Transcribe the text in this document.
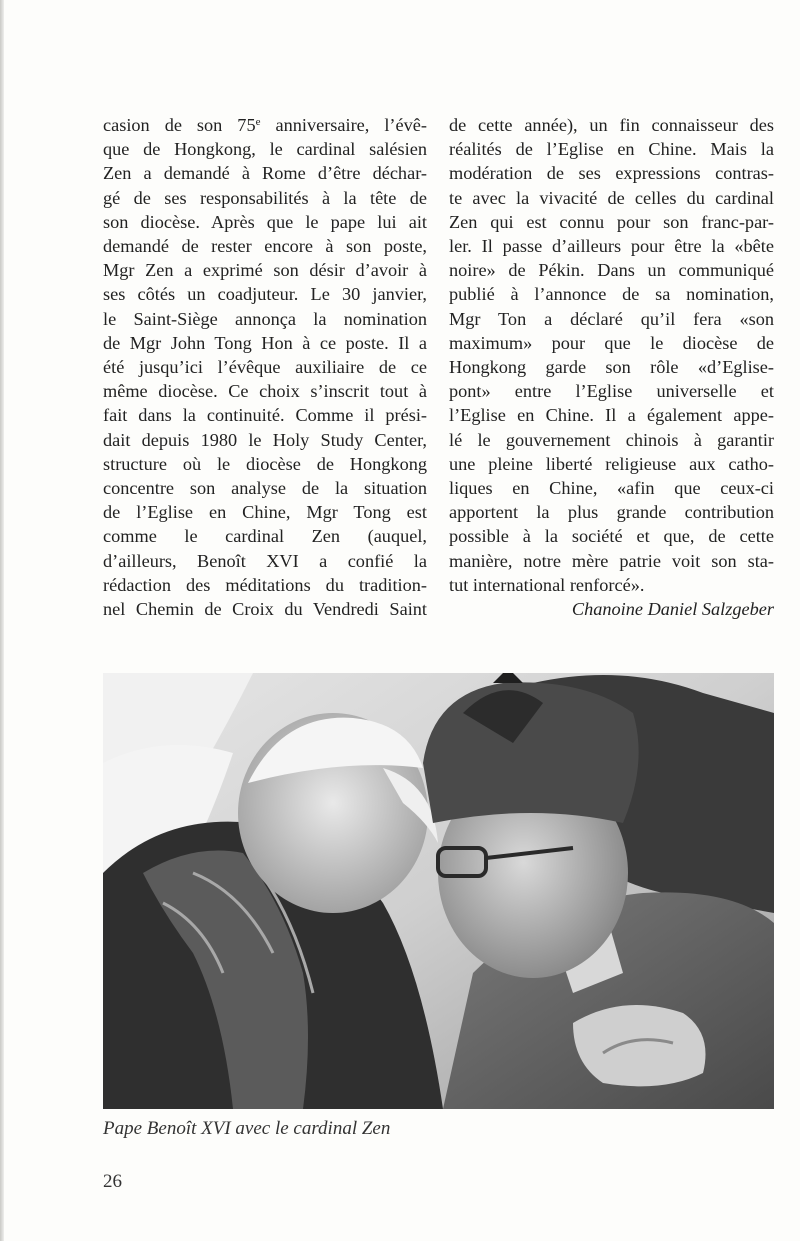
casion de son 75e anniversaire, l’évê-
que de Hongkong, le cardinal salésien
Zen a demandé à Rome d’être déchar-
gé de ses responsabilités à la tête de
son diocèse. Après que le pape lui ait
demandé de rester encore à son poste,
Mgr Zen a exprimé son désir d’avoir à
ses côtés un coadjuteur. Le 30 janvier,
le Saint-Siège annonça la nomination
de Mgr John Tong Hon à ce poste. Il a
été jusqu’ici l’évêque auxiliaire de ce
même diocèse. Ce choix s’inscrit tout à
fait dans la continuité. Comme il prési-
dait depuis 1980 le Holy Study Center,
structure où le diocèse de Hongkong
concentre son analyse de la situation
de l’Eglise en Chine, Mgr Tong est
comme le cardinal Zen (auquel,
d’ailleurs, Benoît XVI a confié la
rédaction des méditations du tradition-
nel Chemin de Croix du Vendredi Saint
de cette année), un fin connaisseur des
réalités de l’Eglise en Chine. Mais la
modération de ses expressions contras-
te avec la vivacité de celles du cardinal
Zen qui est connu pour son franc-par-
ler. Il passe d’ailleurs pour être la «bête
noire» de Pékin. Dans un communiqué
publié à l’annonce de sa nomination,
Mgr Ton a déclaré qu’il fera «son
maximum» pour que le diocèse de
Hongkong garde son rôle «d’Eglise-
pont» entre l’Eglise universelle et
l’Eglise en Chine. Il a également appe-
lé le gouvernement chinois à garantir
une pleine liberté religieuse aux catho-
liques en Chine, «afin que ceux-ci
apportent la plus grande contribution
possible à la société et que, de cette
manière, notre mère patrie voit son sta-
tut international renforcé».
Chanoine Daniel Salzgeber
Pape Benoît XVI avec le cardinal Zen
26
